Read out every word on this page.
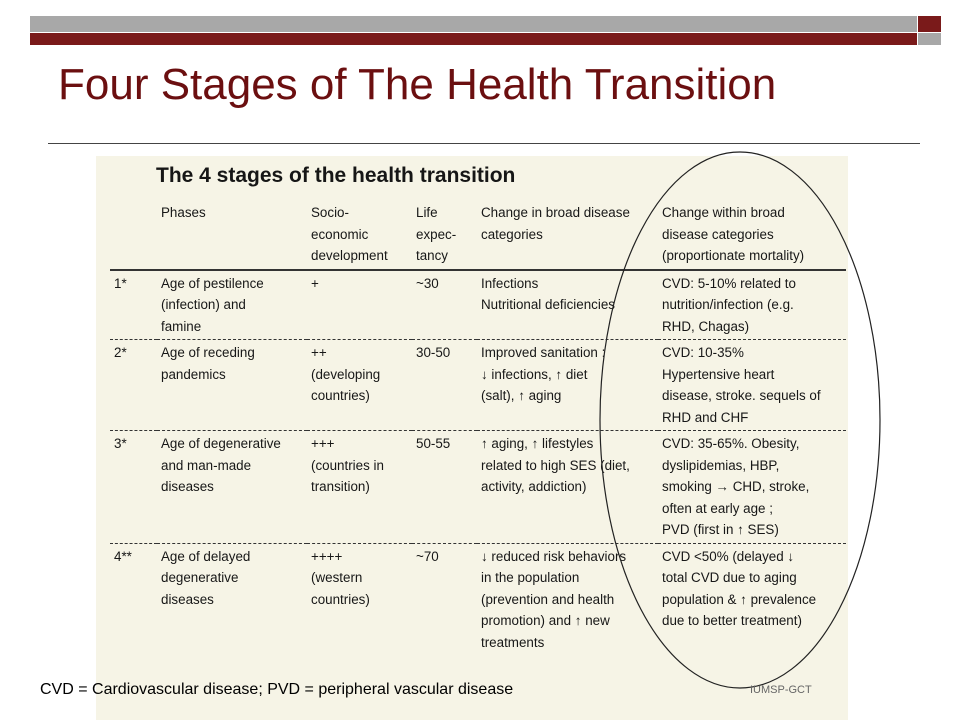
Four Stages of The Health Transition
The 4 stages of the health transition
	Phases	Socio-
economic
development	Life
expec-
tancy	Change in broad disease
categories	Change within broad
disease categories
(proportionate mortality)
1*	Age of pestilence
(infection) and
famine	+	~30	Infections
Nutritional deficiencies	CVD: 5-10% related to
nutrition/infection (e.g.
RHD, Chagas)
2*	Age of receding
pandemics	++
(developing
countries)	30-50	Improved sanitation :
↓ infections, ↑ diet
(salt), ↑ aging	CVD: 10-35%
Hypertensive heart
disease, stroke. sequels of
RHD and CHF
3*	Age of degenerative
and man-made
diseases	+++
(countries in
transition)	50-55	↑ aging, ↑ lifestyles
related to high SES (diet,
activity, addiction)	CVD: 35-65%. Obesity,
dyslipidemias, HBP,
smoking → CHD, stroke,
often at early age ;
PVD (first in ↑ SES)
4**	Age of delayed
degenerative
diseases	++++
(western
countries)	~70	↓ reduced risk behaviors
in the population
(prevention and health
promotion) and ↑ new
treatments	CVD <50% (delayed ↓
total CVD due to aging
population & ↑ prevalence
due to better treatment)
CVD = Cardiovascular disease; PVD = peripheral vascular disease	IUMSP-GCT
